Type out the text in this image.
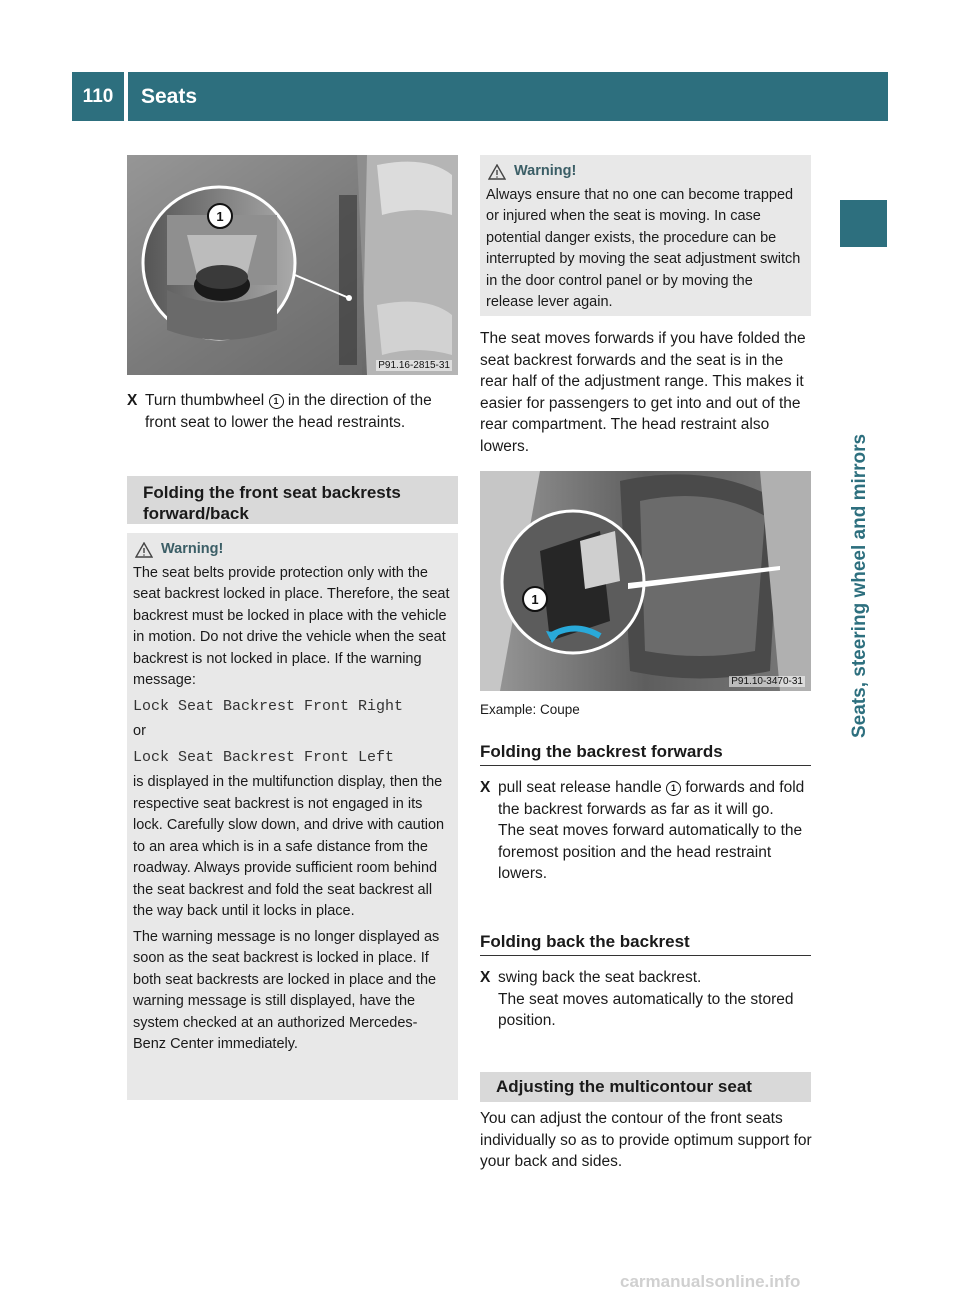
110	Seats
Seats, steering wheel and mirrors
1
P91.16-2815-31
X Turn thumbwheel 1 in the direction of the front seat to lower the head restraints.
Folding the front seat backrests forward/back
Warning!

The seat belts provide protection only with the seat backrest locked in place. Therefore, the seat backrest must be locked in place with the vehicle in motion. Do not drive the vehicle when the seat backrest is not locked in place. If the warning message:

Lock Seat Backrest Front Right

or

Lock Seat Backrest Front Left

is displayed in the multifunction display, then the respective seat backrest is not engaged in its lock. Carefully slow down, and drive with caution to an area which is in a safe distance from the roadway. Always provide sufficient room behind the seat backrest and fold the seat backrest all the way back until it locks in place.

The warning message is no longer displayed as soon as the seat backrest is locked in place. If both seat backrests are locked in place and the warning message is still displayed, have the system checked at an authorized Mercedes-Benz Center immediately.

Warning!

Always ensure that no one can become trapped or injured when the seat is moving. In case potential danger exists, the procedure can be interrupted by moving the seat adjustment switch in the door control panel or by moving the release lever again.

The seat moves forwards if you have folded the seat backrest forwards and the seat is in the rear half of the adjustment range. This makes it easier for passengers to get into and out of the rear compartment. The head restraint also lowers.
1
P91.10-3470-31
Example: Coupe
Folding the backrest forwards
X pull seat release handle 1 forwards and fold the backrest forwards as far as it will go.
The seat moves forward automatically to the foremost position and the head restraint lowers.
Folding back the backrest
X swing back the seat backrest.
The seat moves automatically to the stored position.
Adjusting the multicontour seat
You can adjust the contour of the front seats individually so as to provide optimum support for your back and sides.
carmanualsonline.info
